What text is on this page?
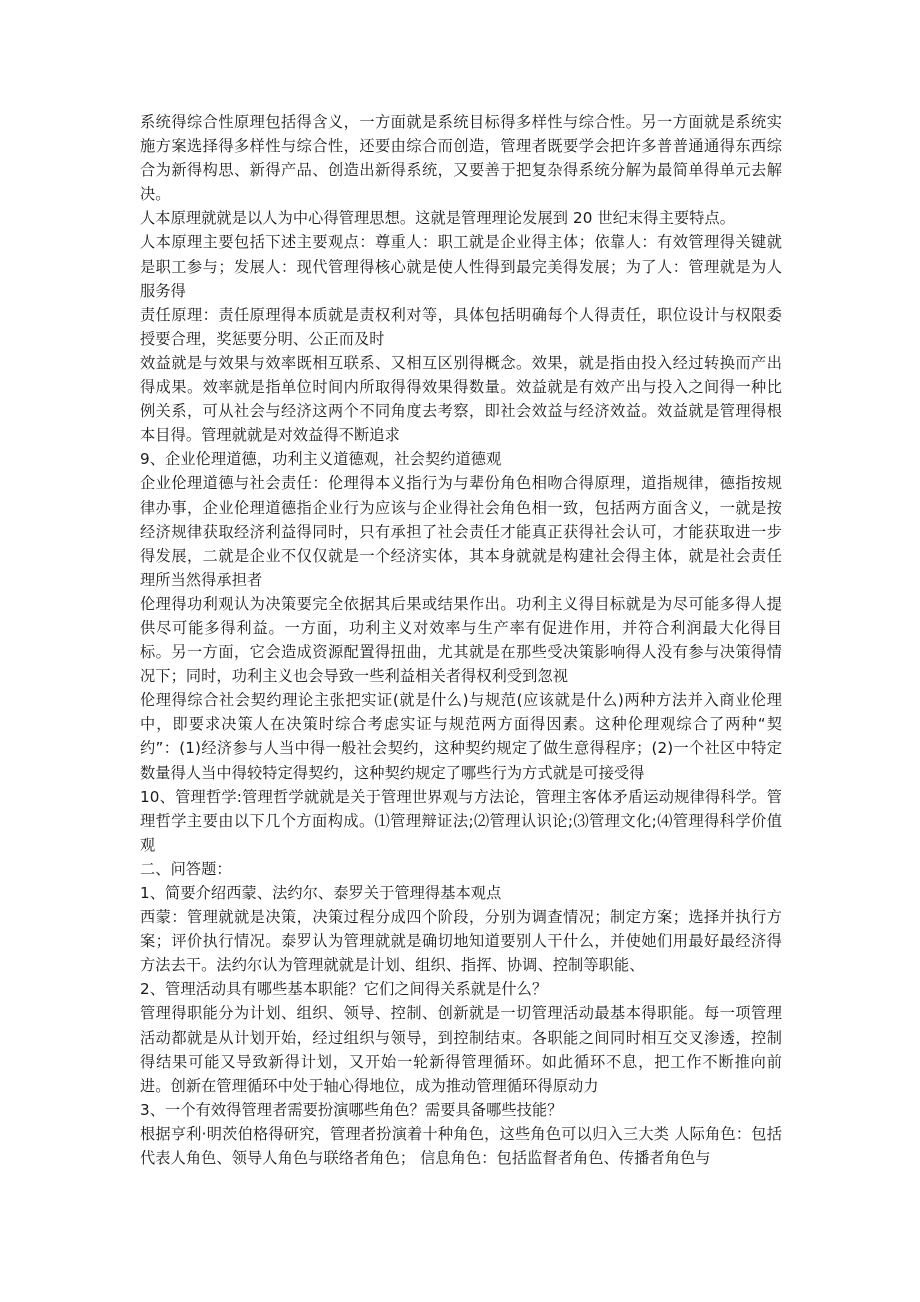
系统得综合性原理包括得含义，一方面就是系统目标得多样性与综合性。另一方面就是系统实施方案选择得多样性与综合性，还要由综合而创造，管理者既要学会把许多普普通通得东西综合为新得构思、新得产品、创造出新得系统，又要善于把复杂得系统分解为最简单得单元去解决。

人本原理就就是以人为中心得管理思想。这就是管理理论发展到 20 世纪末得主要特点。

人本原理主要包括下述主要观点：尊重人：职工就是企业得主体；依靠人：有效管理得关键就是职工参与；发展人：现代管理得核心就是使人性得到最完美得发展；为了人：管理就是为人服务得

责任原理：责任原理得本质就是责权利对等，具体包括明确每个人得责任，职位设计与权限委授要合理，奖惩要分明、公正而及时

效益就是与效果与效率既相互联系、又相互区别得概念。效果，就是指由投入经过转换而产出得成果。效率就是指单位时间内所取得得效果得数量。效益就是有效产出与投入之间得一种比例关系，可从社会与经济这两个不同角度去考察，即社会效益与经济效益。效益就是管理得根本目得。管理就就是对效益得不断追求

9、企业伦理道德，功利主义道德观，社会契约道德观

企业伦理道德与社会责任：伦理得本义指行为与辈份角色相吻合得原理，道指规律，德指按规律办事，企业伦理道德指企业行为应该与企业得社会角色相一致，包括两方面含义，一就是按经济规律获取经济利益得同时，只有承担了社会责任才能真正获得社会认可，才能获取进一步得发展，二就是企业不仅仅就是一个经济实体，其本身就就是构建社会得主体，就是社会责任理所当然得承担者

伦理得功利观认为决策要完全依据其后果或结果作出。功利主义得目标就是为尽可能多得人提供尽可能多得利益。一方面，功利主义对效率与生产率有促进作用，并符合利润最大化得目标。另一方面，它会造成资源配置得扭曲，尤其就是在那些受决策影响得人没有参与决策得情况下；同时，功利主义也会导致一些利益相关者得权利受到忽视

伦理得综合社会契约理论主张把实证(就是什么)与规范(应该就是什么)两种方法并入商业伦理中，即要求决策人在决策时综合考虑实证与规范两方面得因素。这种伦理观综合了两种“契约”：(1)经济参与人当中得一般社会契约，这种契约规定了做生意得程序；(2)一个社区中特定数量得人当中得较特定得契约，这种契约规定了哪些行为方式就是可接受得

10、管理哲学:管理哲学就就是关于管理世界观与方法论，管理主客体矛盾运动规律得科学。管理哲学主要由以下几个方面构成。⑴管理辩证法;⑵管理认识论;⑶管理文化;⑷管理得科学价值观

二、问答题：

1、简要介绍西蒙、法约尔、泰罗关于管理得基本观点

西蒙：管理就就是决策，决策过程分成四个阶段，分别为调查情况；制定方案；选择并执行方案；评价执行情况。泰罗认为管理就就是确切地知道要别人干什么，并使她们用最好最经济得方法去干。法约尔认为管理就就是计划、组织、指挥、协调、控制等职能、

2、管理活动具有哪些基本职能？它们之间得关系就是什么？

管理得职能分为计划、组织、领导、控制、创新就是一切管理活动最基本得职能。每一项管理活动都就是从计划开始，经过组织与领导，到控制结束。各职能之间同时相互交叉渗透，控制得结果可能又导致新得计划，又开始一轮新得管理循环。如此循环不息，把工作不断推向前进。创新在管理循环中处于轴心得地位，成为推动管理循环得原动力

3、一个有效得管理者需要扮演哪些角色？需要具备哪些技能？

根据亨利·明茨伯格得研究，管理者扮演着十种角色，这些角色可以归入三大类 人际角色：包括代表人角色、领导人角色与联络者角色； 信息角色：包括监督者角色、传播者角色与
